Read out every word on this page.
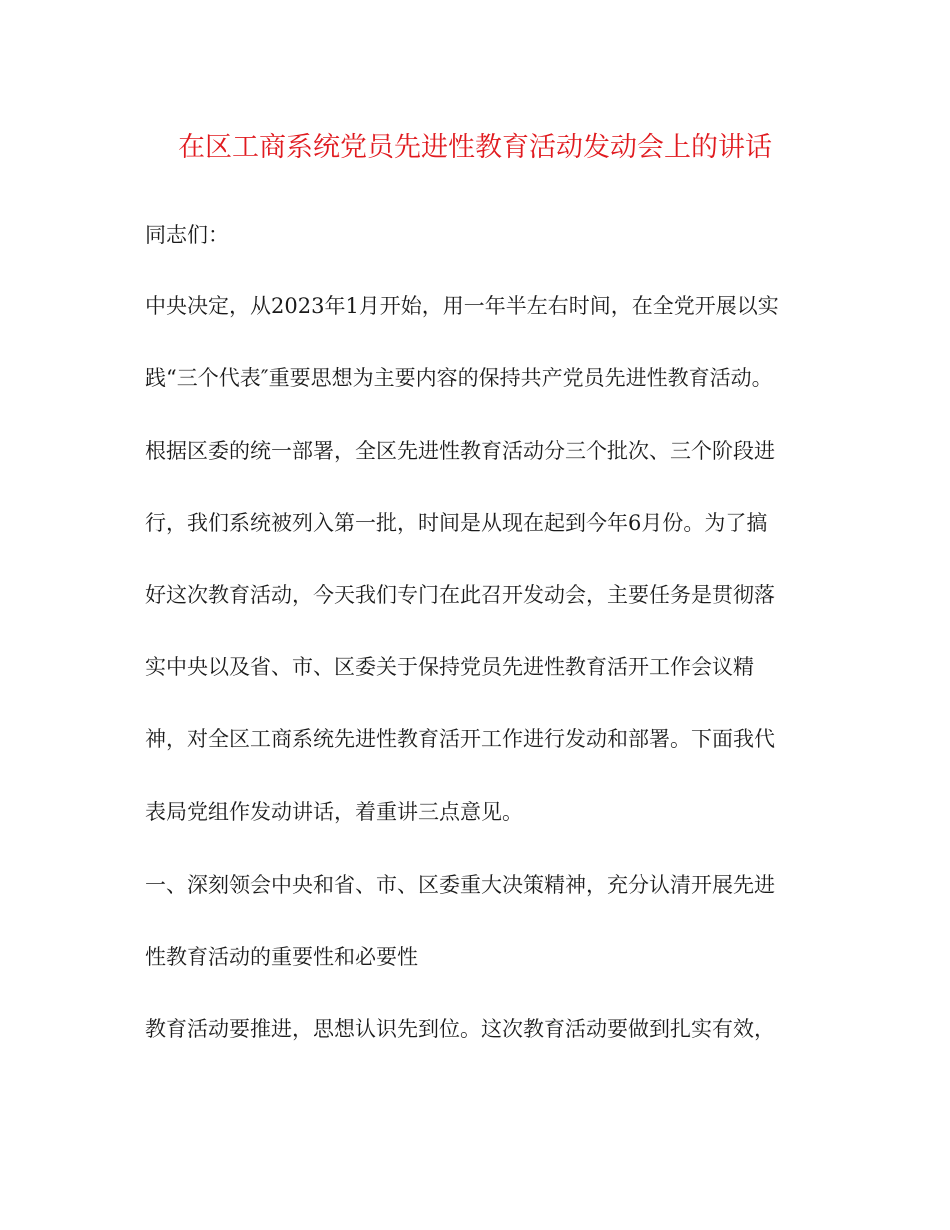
在区工商系统党员先进性教育活动发动会上的讲话
同志们：
中央决定，从2023年1月开始，用一年半左右时间，在全党开展以实
践“三个代表″重要思想为主要内容的保持共产党员先进性教育活动。
根据区委的统一部署，全区先进性教育活动分三个批次、三个阶段进
行，我们系统被列入第一批，时间是从现在起到今年6月份。为了搞
好这次教育活动，今天我们专门在此召开发动会，主要任务是贯彻落
实中央以及省、市、区委关于保持党员先进性教育活开工作会议精
神，对全区工商系统先进性教育活开工作进行发动和部署。下面我代
表局党组作发动讲话，着重讲三点意见。
一、深刻领会中央和省、市、区委重大决策精神，充分认清开展先进
性教育活动的重要性和必要性
教育活动要推进，思想认识先到位。这次教育活动要做到扎实有效，
